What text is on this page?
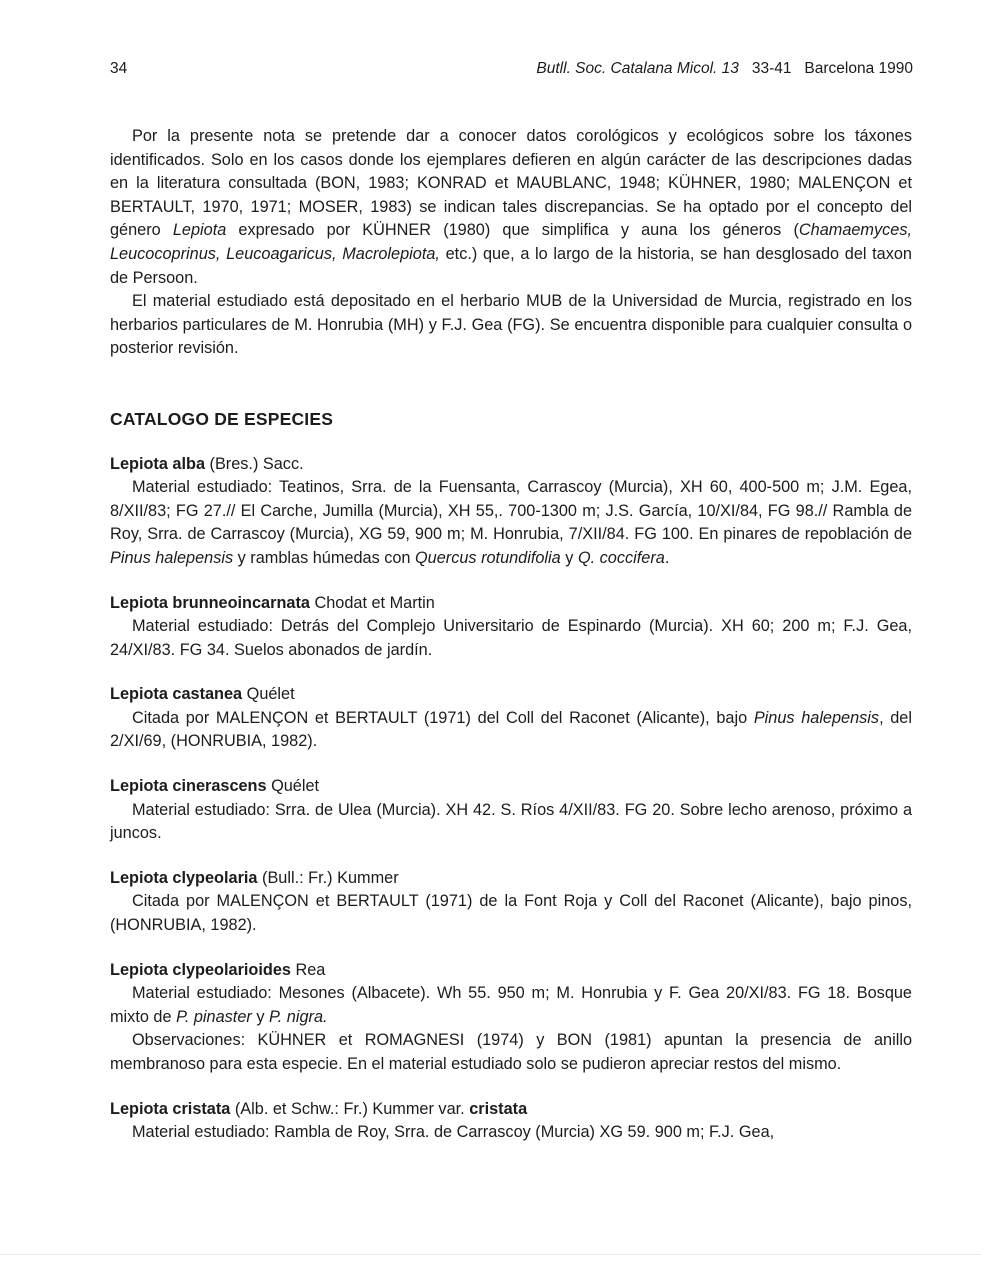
34	Butll. Soc. Catalana Micol. 13 33-41 Barcelona 1990

Por la presente nota se pretende dar a conocer datos corológicos y ecológicos sobre los táxones identificados. Solo en los casos donde los ejemplares defieren en algún carácter de las descripciones dadas en la literatura consultada (BON, 1983; KONRAD et MAUBLANC, 1948; KÜHNER, 1980; MALENÇON et BERTAULT, 1970, 1971; MOSER, 1983) se indican tales discrepancias. Se ha optado por el concepto del género Lepiota expresado por KÜHNER (1980) que simplifica y auna los géneros (Chamaemyces, Leucocoprinus, Leucoagaricus, Macrolepiota, etc.) que, a lo largo de la historia, se han desglosado del taxon de Persoon.

El material estudiado está depositado en el herbario MUB de la Universidad de Murcia, registrado en los herbarios particulares de M. Honrubia (MH) y F.J. Gea (FG). Se encuentra disponible para cualquier consulta o posterior revisión.

CATALOGO DE ESPECIES

Lepiota alba (Bres.) Sacc.

Material estudiado: Teatinos, Srra. de la Fuensanta, Carrascoy (Murcia), XH 60, 400-500 m; J.M. Egea, 8/XII/83; FG 27.// El Carche, Jumilla (Murcia), XH 55,. 700-1300 m; J.S. García, 10/XI/84, FG 98.// Rambla de Roy, Srra. de Carrascoy (Murcia), XG 59, 900 m; M. Honrubia, 7/XII/84. FG 100. En pinares de repoblación de Pinus halepensis y ramblas húmedas con Quercus rotundifolia y Q. coccifera.

Lepiota brunneoincarnata Chodat et Martin

Material estudiado: Detrás del Complejo Universitario de Espinardo (Murcia). XH 60; 200 m; F.J. Gea, 24/XI/83. FG 34. Suelos abonados de jardín.

Lepiota castanea Quélet

Citada por MALENÇON et BERTAULT (1971) del Coll del Raconet (Alicante), bajo Pinus halepensis, del 2/XI/69, (HONRUBIA, 1982).

Lepiota cinerascens Quélet

Material estudiado: Srra. de Ulea (Murcia). XH 42. S. Ríos 4/XII/83. FG 20. Sobre lecho arenoso, próximo a juncos.

Lepiota clypeolaria (Bull.: Fr.) Kummer

Citada por MALENÇON et BERTAULT (1971) de la Font Roja y Coll del Raconet (Alicante), bajo pinos, (HONRUBIA, 1982).

Lepiota clypeolarioides Rea

Material estudiado: Mesones (Albacete). Wh 55. 950 m; M. Honrubia y F. Gea 20/XI/83. FG 18. Bosque mixto de P. pinaster y P. nigra.

Observaciones: KÜHNER et ROMAGNESI (1974) y BON (1981) apuntan la presencia de anillo membranoso para esta especie. En el material estudiado solo se pudieron apreciar restos del mismo.

Lepiota cristata (Alb. et Schw.: Fr.) Kummer var. cristata

Material estudiado: Rambla de Roy, Srra. de Carrascoy (Murcia) XG 59. 900 m; F.J. Gea,
